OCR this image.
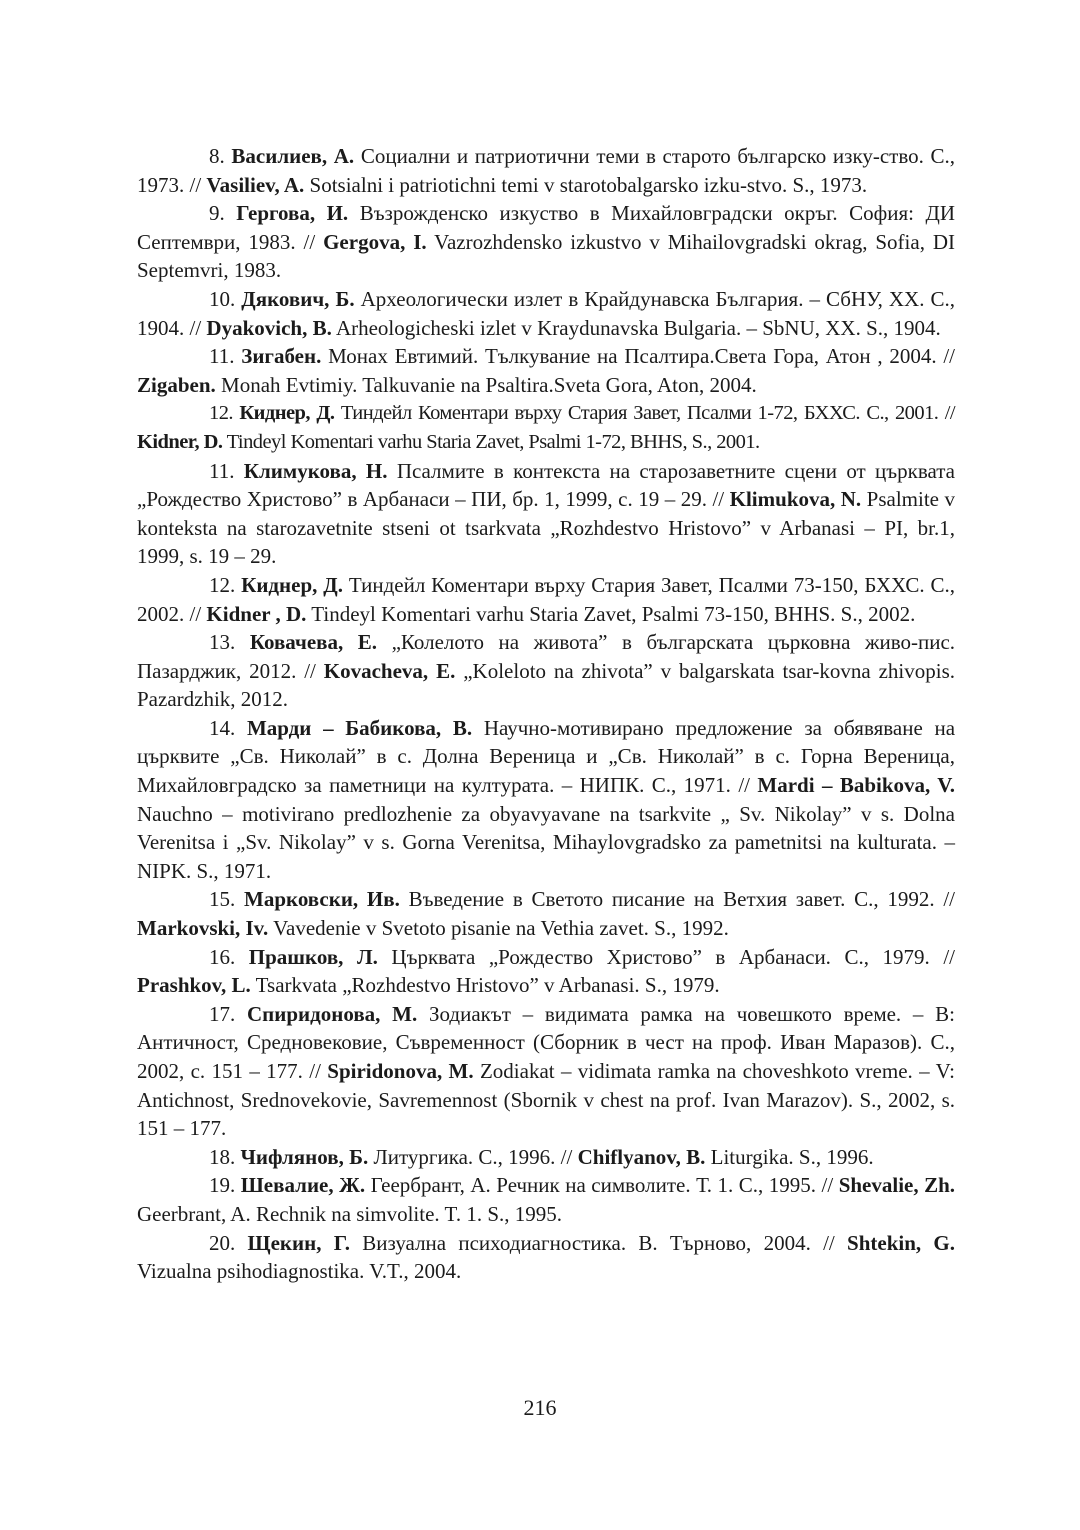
8. Василиев, А. Социални и патриотични теми в старото българско изку-ство. С., 1973. // Vasiliev, A. Sotsialni i patriotichni temi v starotobalgarsko izku-stvo. S., 1973.

9. Гергова, И. Възрожденско изкуство в Михайловградски окръг. София: ДИ Септември, 1983. // Gergova, I. Vazrozhdensko izkustvo v Mihailovgradski okrag, Sofia, DI Septemvri, 1983.

10. Дякович, Б. Археологически излет в Крайдунавска България. – СбНУ, XX. С., 1904. // Dyakovich, B. Arheologicheski izlet v Kraydunavska Bulgaria. – SbNU, XX. S., 1904.

11. Зигабен. Монах Евтимий. Тълкувание на Псалтира.Света Гора, Атон , 2004. // Zigaben. Monah Evtimiy. Talkuvanie na Psaltira.Sveta Gora, Aton, 2004.

12. Киднер, Д. Тиндейл Коментари върху Стария Завет, Псалми 1-72, БХХС. С., 2001. // Kidner, D. Tindeyl Komentari varhu Staria Zavet, Psalmi 1-72, BHHS, S., 2001.

11. Климукова, Н. Псалмите в контекста на старозаветните сцени от църквата „Рождество Христово” в Арбанаси – ПИ, бр. 1, 1999, с. 19 – 29. // Klimukova, N. Psalmite v konteksta na starozavetnite stseni ot tsarkvata „Rozhdestvo Hristovo” v Arbanasi – PI, br.1, 1999, s. 19 – 29.

12. Киднер, Д. Тиндейл Коментари върху Стария Завет, Псалми 73-150, БХХС. С., 2002. // Kidner , D. Tindeyl Komentari varhu Staria Zavet, Psalmi 73-150, BHHS. S., 2002.

13. Ковачева, Е. „Колелото на живота” в българската църковна живо-пис. Пазарджик, 2012. // Kovacheva, E. „Koleloto na zhivota” v balgarskata tsar-kovna zhivopis. Pazardzhik, 2012.

14. Марди – Бабикова, В. Научно-мотивирано предложение за обявяване на църквите „Св. Николай” в с. Долна Вереница и „Св. Николай” в с. Горна Вереница, Михайловградско за паметници на културата. – НИПК. С., 1971. // Mardi – Babikova, V. Nauchno – motivirano predlozhenie za obyavyavane na tsarkvite „ Sv. Nikolay” v s. Dolna Verenitsa i „Sv. Nikolay” v s. Gorna Verenitsa, Mihaylovgradsko za pametnitsi na kulturata. – NIPK. S., 1971.

15. Марковски, Ив. Въведение в Светото писание на Ветхия завет. С., 1992. // Markovski, Iv. Vavedenie v Svetoto pisanie na Vethia zavet. S., 1992.

16. Прашков, Л. Църквата „Рождество Христово” в Арбанаси. С., 1979. // Prashkov, L. Tsarkvata „Rozhdestvo Hristovo” v Arbanasi. S., 1979.

17. Спиридонова, М. Зодиакът – видимата рамка на човешкото време. – В: Античност, Средновековие, Съвременност (Сборник в чест на проф. Иван Маразов). С., 2002, с. 151 – 177. // Spiridonova, M. Zodiakat – vidimata ramka na choveshkoto vreme. – V: Antichnost, Srednovekovie, Savremennost (Sbornik v chest na prof. Ivan Marazov). S., 2002, s. 151 – 177.

18. Чифлянов, Б. Литургика. С., 1996. // Chiflyanov, B. Liturgika. S., 1996.

19. Шевалие, Ж. Геербрант, А. Речник на символите. Т. 1. С., 1995. // Shevalie, Zh. Geerbrant, A. Rechnik na simvolite. T. 1. S., 1995.

20. Щекин, Г. Визуална психодиагностика. В. Търново, 2004. // Shtekin, G. Vizualna psihodiagnostika. V.T., 2004.

216
